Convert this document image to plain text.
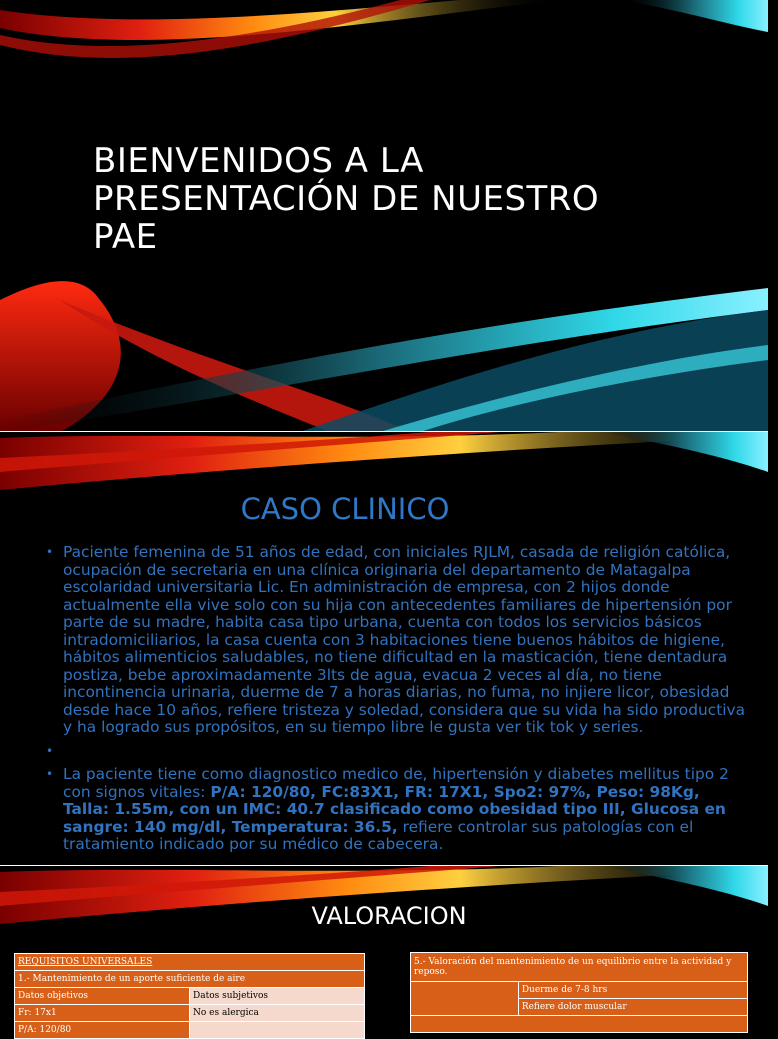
BIENVENIDOS A LA
PRESENTACIÓN DE NUESTRO
PAE
CASO CLINICO
• Paciente femenina de 51 años de edad, con iniciales RJLM, casada de religión católica, ocupación de secretaria en una clínica originaria del departamento de Matagalpa escolaridad universitaria Lic. En administración de empresa, con 2 hijos donde actualmente ella vive solo con su hija con antecedentes familiares de hipertensión por parte de su madre, habita casa tipo urbana, cuenta con todos los servicios básicos intradomiciliarios, la casa cuenta con 3 habitaciones tiene buenos hábitos de higiene, hábitos alimenticios saludables, no tiene dificultad en la masticación, tiene dentadura postiza, bebe aproximadamente 3lts de agua, evacua 2 veces al día, no tiene incontinencia urinaria, duerme de 7 a horas diarias, no fuma, no injiere licor, obesidad desde hace 10 años, refiere tristeza y soledad, considera que su vida ha sido productiva y ha logrado sus propósitos, en su tiempo libre le gusta ver tik tok y series.
•
• La paciente tiene como diagnostico medico de, hipertensión y diabetes mellitus tipo 2 con signos vitales: P/A: 120/80, FC:83X1, FR: 17X1, Spo2: 97%, Peso: 98Kg, Talla: 1.55m, con un IMC: 40.7 clasificado como obesidad tipo III, Glucosa en sangre: 140 mg/dl, Temperatura: 36.5, refiere controlar sus patologías con el tratamiento indicado por su médico de cabecera.
VALORACION
REQUISITOS UNIVERSALES	
1.- Mantenimiento de un aporte suficiente de aire	
Datos objetivos	Datos subjetivos
Fr: 17x1	No es alergica
P/A: 120/80	
5.- Valoración del mantenimiento de un equilibrio entre la actividad y reposo.
	Duerme de 7-8 hrs
Refiere dolor muscular
